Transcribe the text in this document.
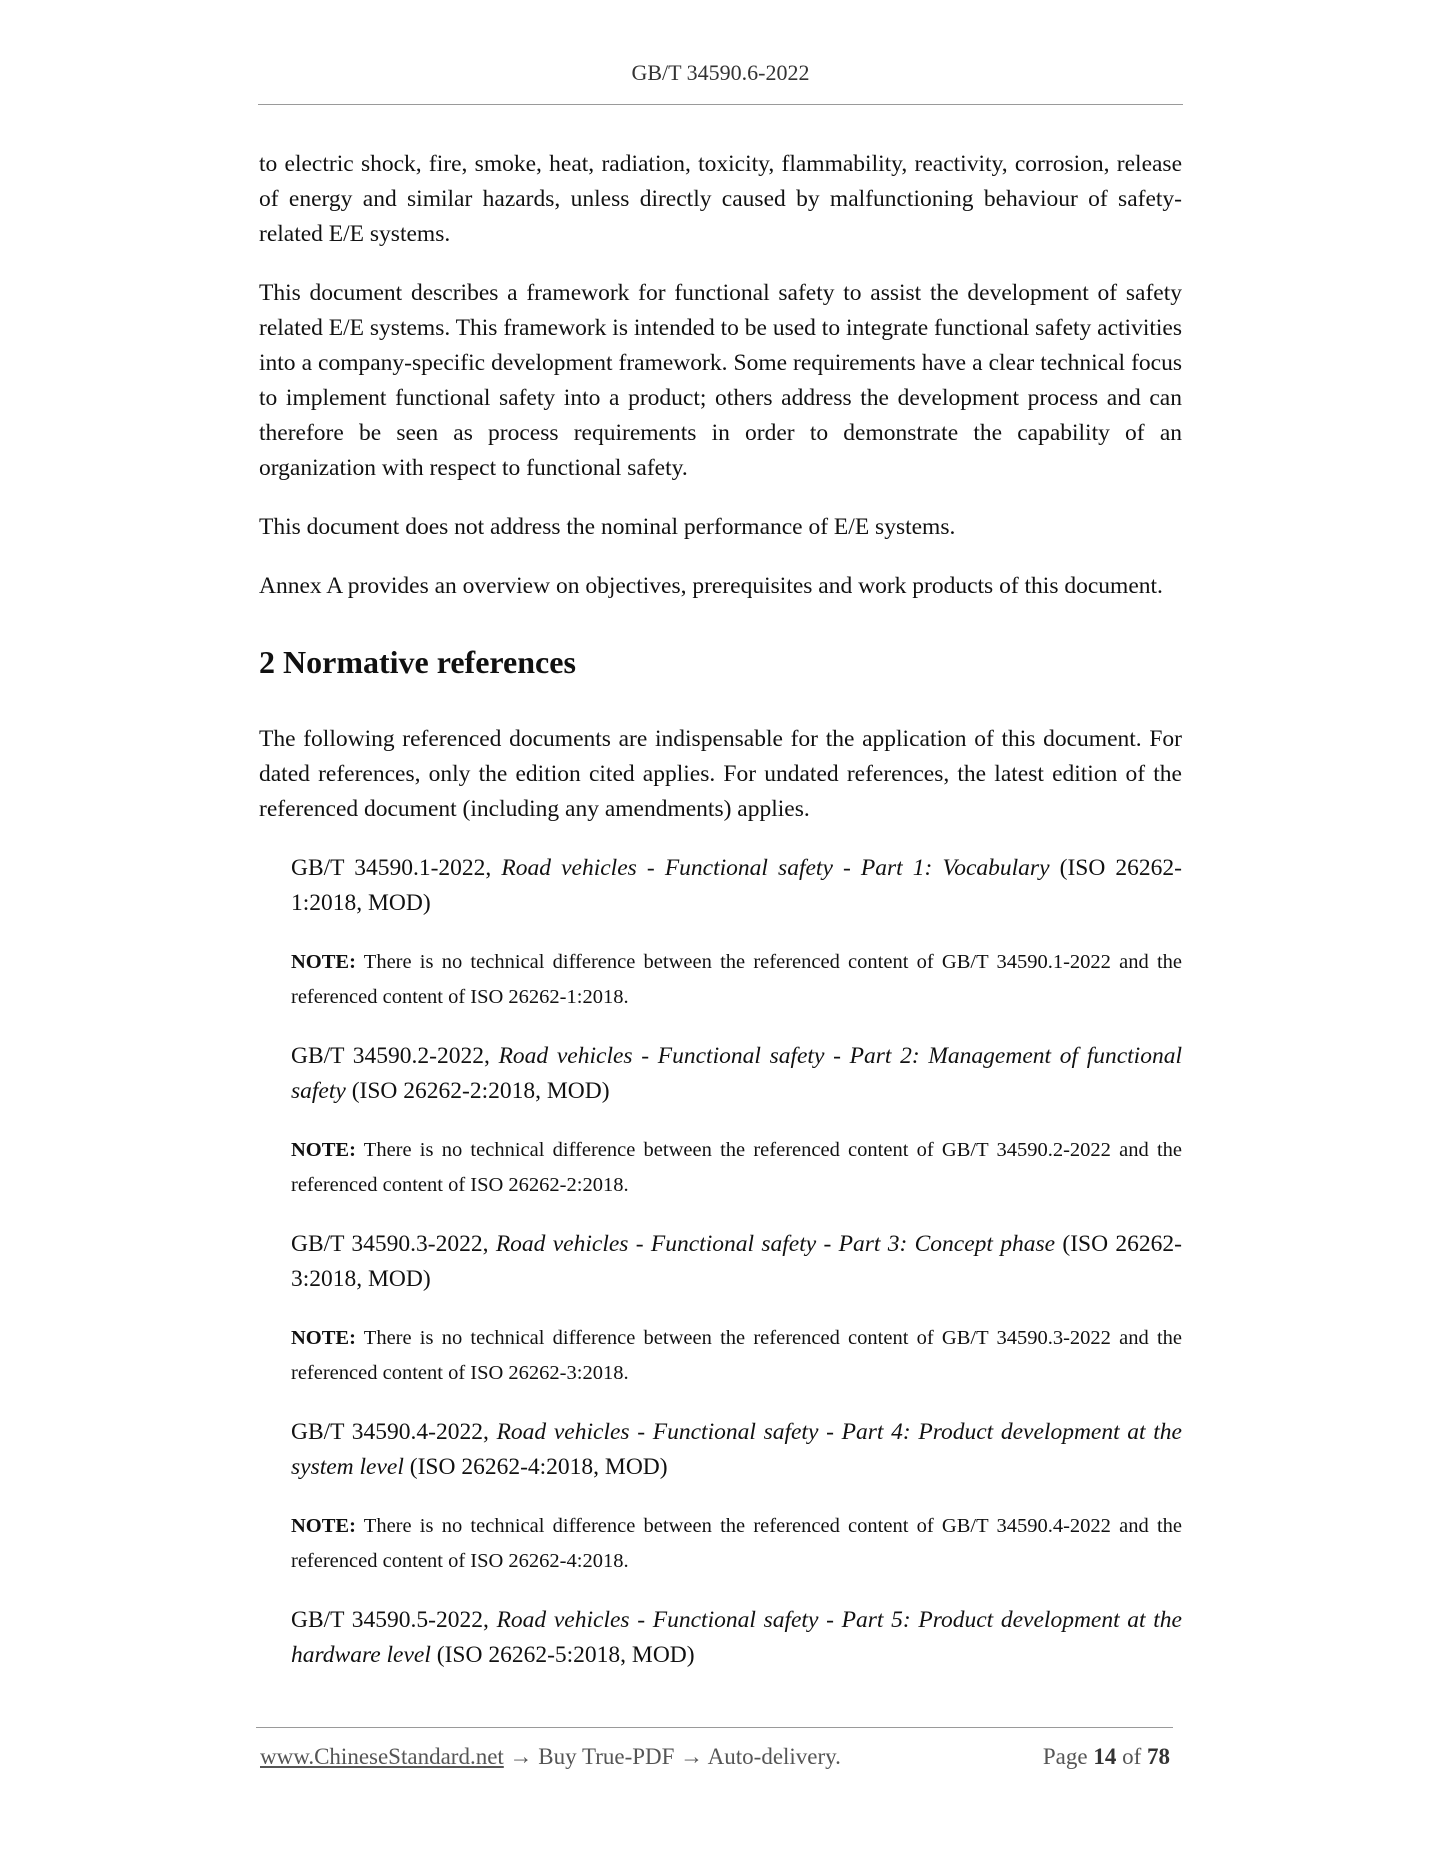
GB/T 34590.6-2022

to electric shock, fire, smoke, heat, radiation, toxicity, flammability, reactivity, corrosion, release of energy and similar hazards, unless directly caused by malfunctioning behaviour of safety-related E/E systems.

This document describes a framework for functional safety to assist the development of safety related E/E systems. This framework is intended to be used to integrate functional safety activities into a company-specific development framework. Some requirements have a clear technical focus to implement functional safety into a product; others address the development process and can therefore be seen as process requirements in order to demonstrate the capability of an organization with respect to functional safety.

This document does not address the nominal performance of E/E systems.

Annex A provides an overview on objectives, prerequisites and work products of this document.

2 Normative references

The following referenced documents are indispensable for the application of this document. For dated references, only the edition cited applies. For undated references, the latest edition of the referenced document (including any amendments) applies.

GB/T 34590.1-2022, Road vehicles - Functional safety - Part 1: Vocabulary (ISO 26262-1:2018, MOD)
NOTE: There is no technical difference between the referenced content of GB/T 34590.1-2022 and the referenced content of ISO 26262-1:2018.
GB/T 34590.2-2022, Road vehicles - Functional safety - Part 2: Management of functional safety (ISO 26262-2:2018, MOD)
NOTE: There is no technical difference between the referenced content of GB/T 34590.2-2022 and the referenced content of ISO 26262-2:2018.
GB/T 34590.3-2022, Road vehicles - Functional safety - Part 3: Concept phase (ISO 26262-3:2018, MOD)
NOTE: There is no technical difference between the referenced content of GB/T 34590.3-2022 and the referenced content of ISO 26262-3:2018.
GB/T 34590.4-2022, Road vehicles - Functional safety - Part 4: Product development at the system level (ISO 26262-4:2018, MOD)
NOTE: There is no technical difference between the referenced content of GB/T 34590.4-2022 and the referenced content of ISO 26262-4:2018.
GB/T 34590.5-2022, Road vehicles - Functional safety - Part 5: Product development at the hardware level (ISO 26262-5:2018, MOD)
www.ChineseStandard.net → Buy True-PDF → Auto-delivery.	Page 14 of 78
